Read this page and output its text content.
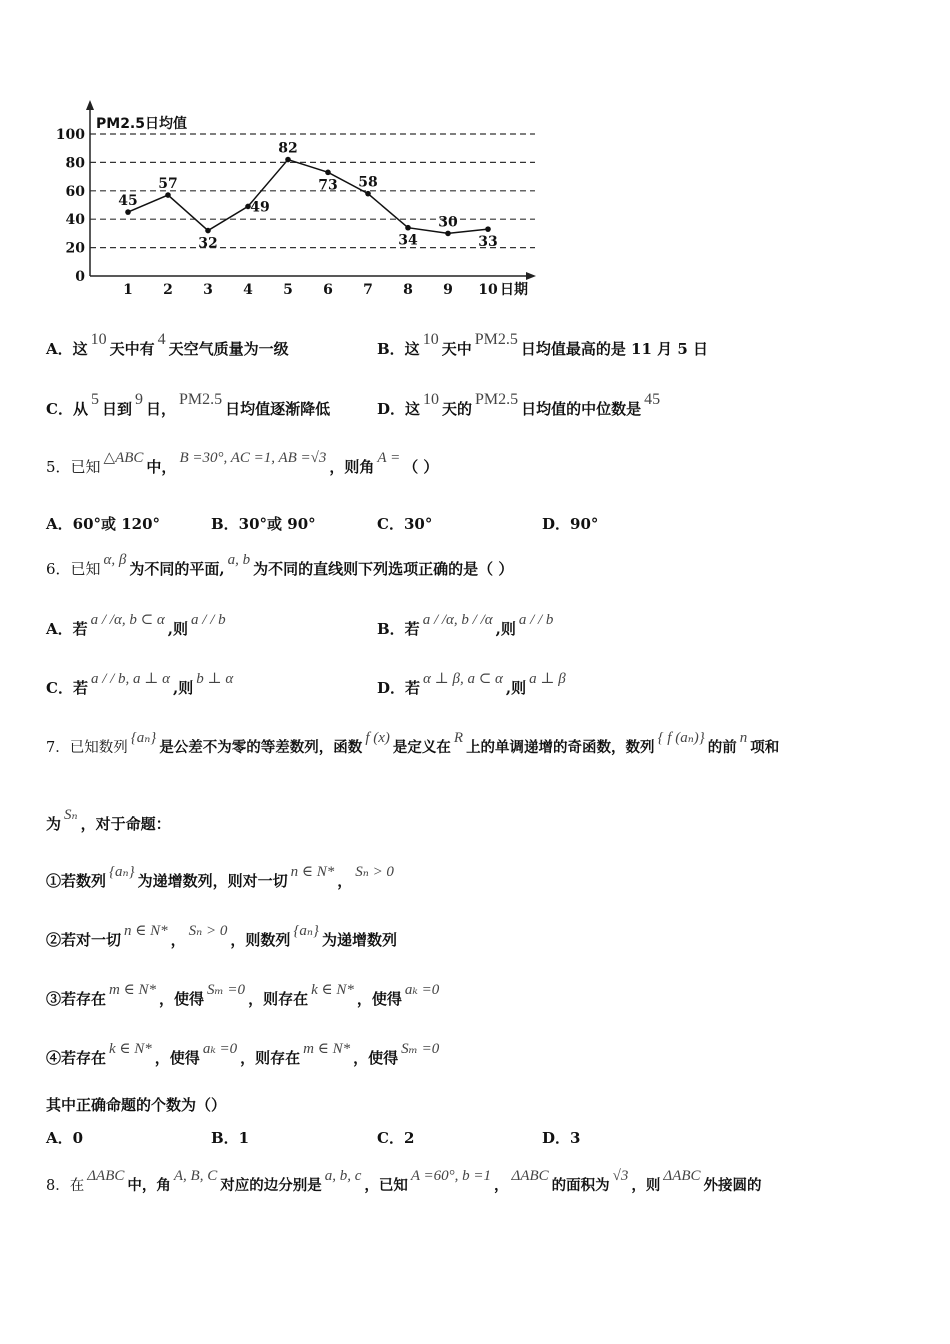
PM2.5日均值
日期
0
20
40
60
80
100
1 2 3 4 5 6 7 8 9 10
45
57
32
49
82
73 58
34
30
33
A．这10天中有4天空气质量为一级	B．这10天中PM2.5日均值最高的是 11 月 5 日
C．从5日到9日，PM2.5日均值逐渐降低	D．这10天的PM2.5日均值的中位数是45
5．已知 △ABC 中， B =30°, AC =1, AB =√3 ，则角 A = （ ）
A．60°或 120°	B．30°或 90°	C．30°	D．90°
6．已知 α, β 为不同的平面, a, b 为不同的直线则下列选项正确的是（ ）
A．若 a / /α, b ⊂ α ,则 a / / b	B．若 a / /α, b / /α ,则 a / / b
C．若 a / / b, a ⊥ α ,则 b ⊥ α	D．若 α ⊥ β, a ⊂ α ,则 a ⊥ β
7．已知数列{aₙ}是公差不为零的等差数列，函数f (x)是定义在R上的单调递增的奇函数，数列{ f (aₙ)}的前n项和
为 Sₙ ，对于命题：
①若数列 {aₙ} 为递增数列，则对一切 n ∈ N* ， Sₙ > 0
②若对一切 n ∈ N* ， Sₙ > 0 ，则数列 {aₙ} 为递增数列
③若存在 m ∈ N* ，使得 Sₘ =0 ，则存在 k ∈ N* ，使得 aₖ =0
④若存在 k ∈ N* ，使得 aₖ =0 ，则存在 m ∈ N* ，使得 Sₘ =0
其中正确命题的个数为（）
A．0	B．1	C．2	D．3
8．在ΔABC中，角A, B, C对应的边分别是a, b, c，已知A =60°, b =1，ΔABC的面积为√3，则ΔABC外接圆的
